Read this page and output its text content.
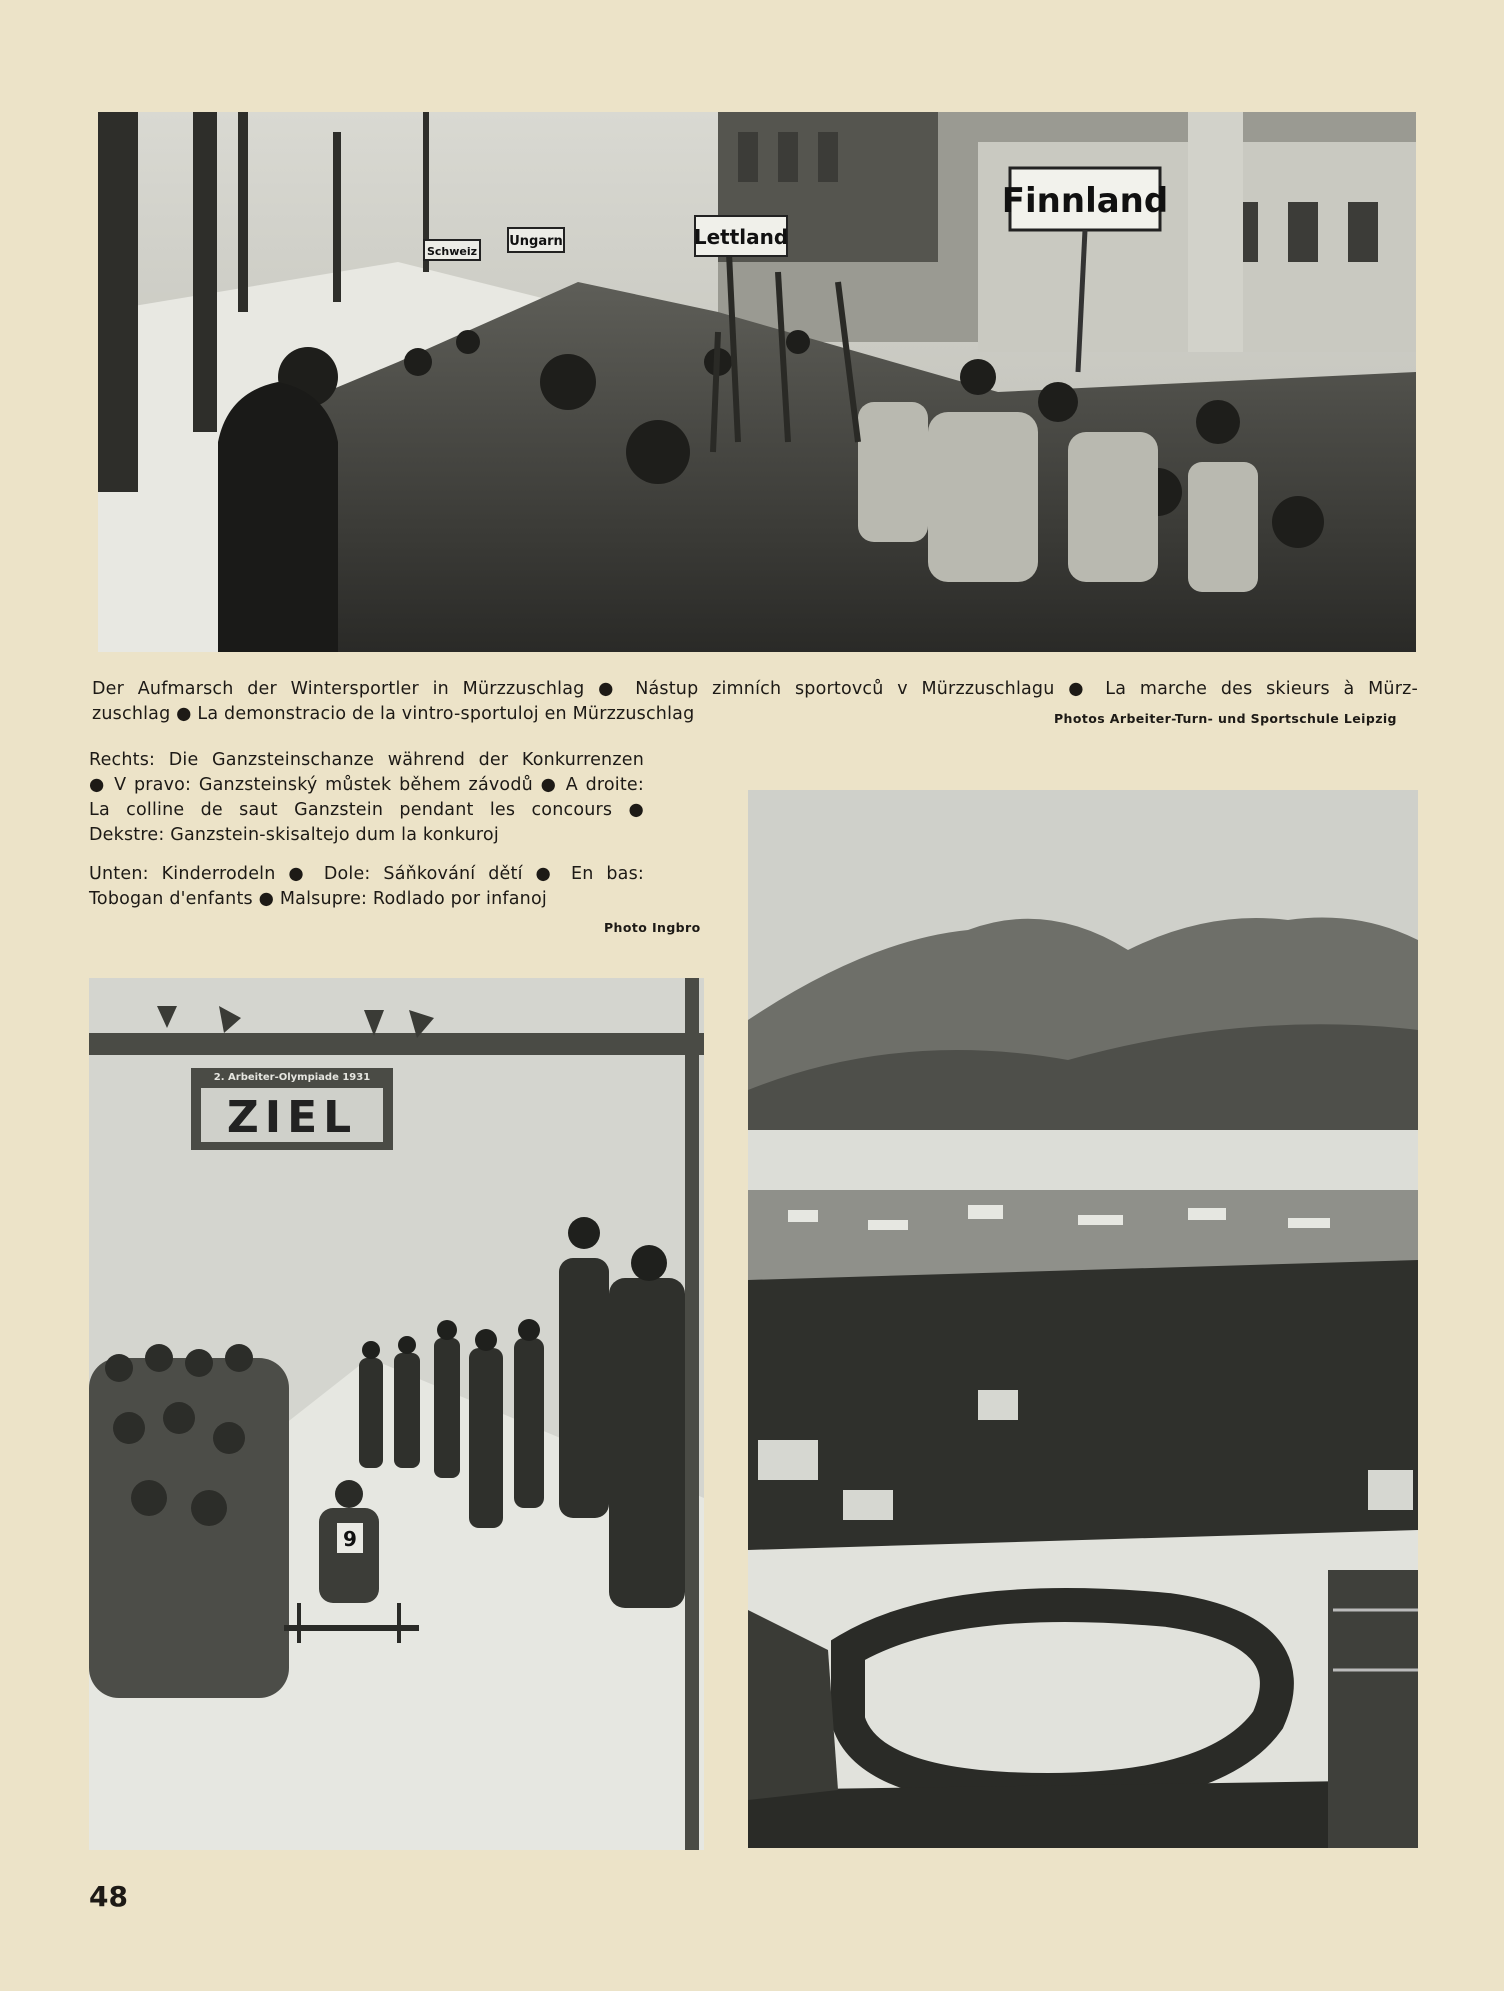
Finnland
Lettland
Ungarn
Schweiz
Der Aufmarsch der Wintersportler in Mürzzuschlag ● Nástup zimních sportovců v Mürzzuschlagu ● La marche des skieurs à Mürz-
zuschlag ● La demonstracio de la vintro-sportuloj en Mürzzuschlag	Photos Arbeiter-Turn- und Sportschule Leipzig
Rechts: Die Ganzsteinschanze während der Konkurrenzen
● V pravo: Ganzsteinský můstek během závodů ● A droite:
La colline de saut Ganzstein pendant les concours ●
Dekstre: Ganzstein-skisaltejo dum la konkuroj
Unten: Kinderrodeln ● Dole: Sáňkování dětí ● En bas:
Tobogan d'enfants ● Malsupre: Rodlado por infanoj
Photo Ingbro
2. Arbeiter-Olympiade 1931
ZIEL
9
48
